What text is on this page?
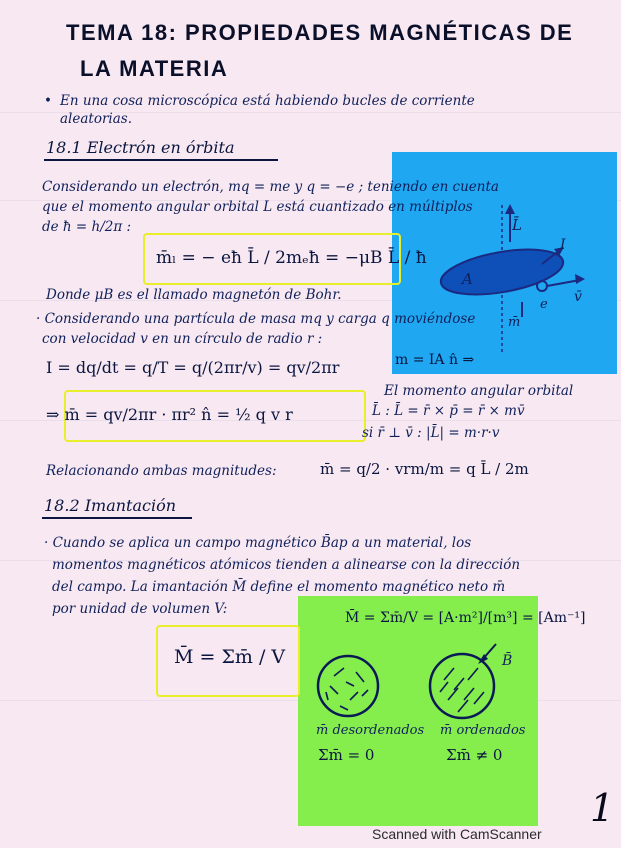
TEMA 18: PROPIEDADES MAGNÉTICAS DE
LA MATERIA
• En una cosa microscópica está habiendo bucles de corriente
aleatorias.
18.1 Electrón en órbita
L̄
I
A
e v̄
m̄
Considerando un electrón, mq = me y q = −e ; teniendo en cuenta
que el momento angular orbital L está cuantizado en múltiplos
de ħ = h/2π :
m̄ₗ = − eħ L̄ / 2mₑħ = −μB L̄ / ħ
Donde μB es el llamado magnetón de Bohr.
· Considerando una partícula de masa mq y carga q moviéndose
con velocidad v en un círculo de radio r :
I = dq/dt = q/T = q/(2πr/v) = qv/2πr	m = IA n̂ ⇒
⇒ m̄ = qv/2πr · πr² n̂ = ½ q v r
El momento angular orbital
L̄ : L̄ = r̄ × p̄ = r̄ × mv̄
si r̄ ⊥ v̄ : |L̄| = m·r·v
Relacionando ambas magnitudes:	m̄ = q/2 · vrm/m = q L̄ / 2m
18.2 Imantación
· Cuando se aplica un campo magnético B̄ap a un material, los
momentos magnéticos atómicos tienden a alinearse con la dirección
del campo. La imantación M̄ define el momento magnético neto m̄
por unidad de volumen V:
M̄ = Σm̄/V = [A·m²]/[m³] = [Am⁻¹]
B̄
m̄ desordenados
Σm̄ = 0
m̄ ordenados
Σm̄ ≠ 0
M̄ = Σm̄ / V
1
Scanned with CamScanner
